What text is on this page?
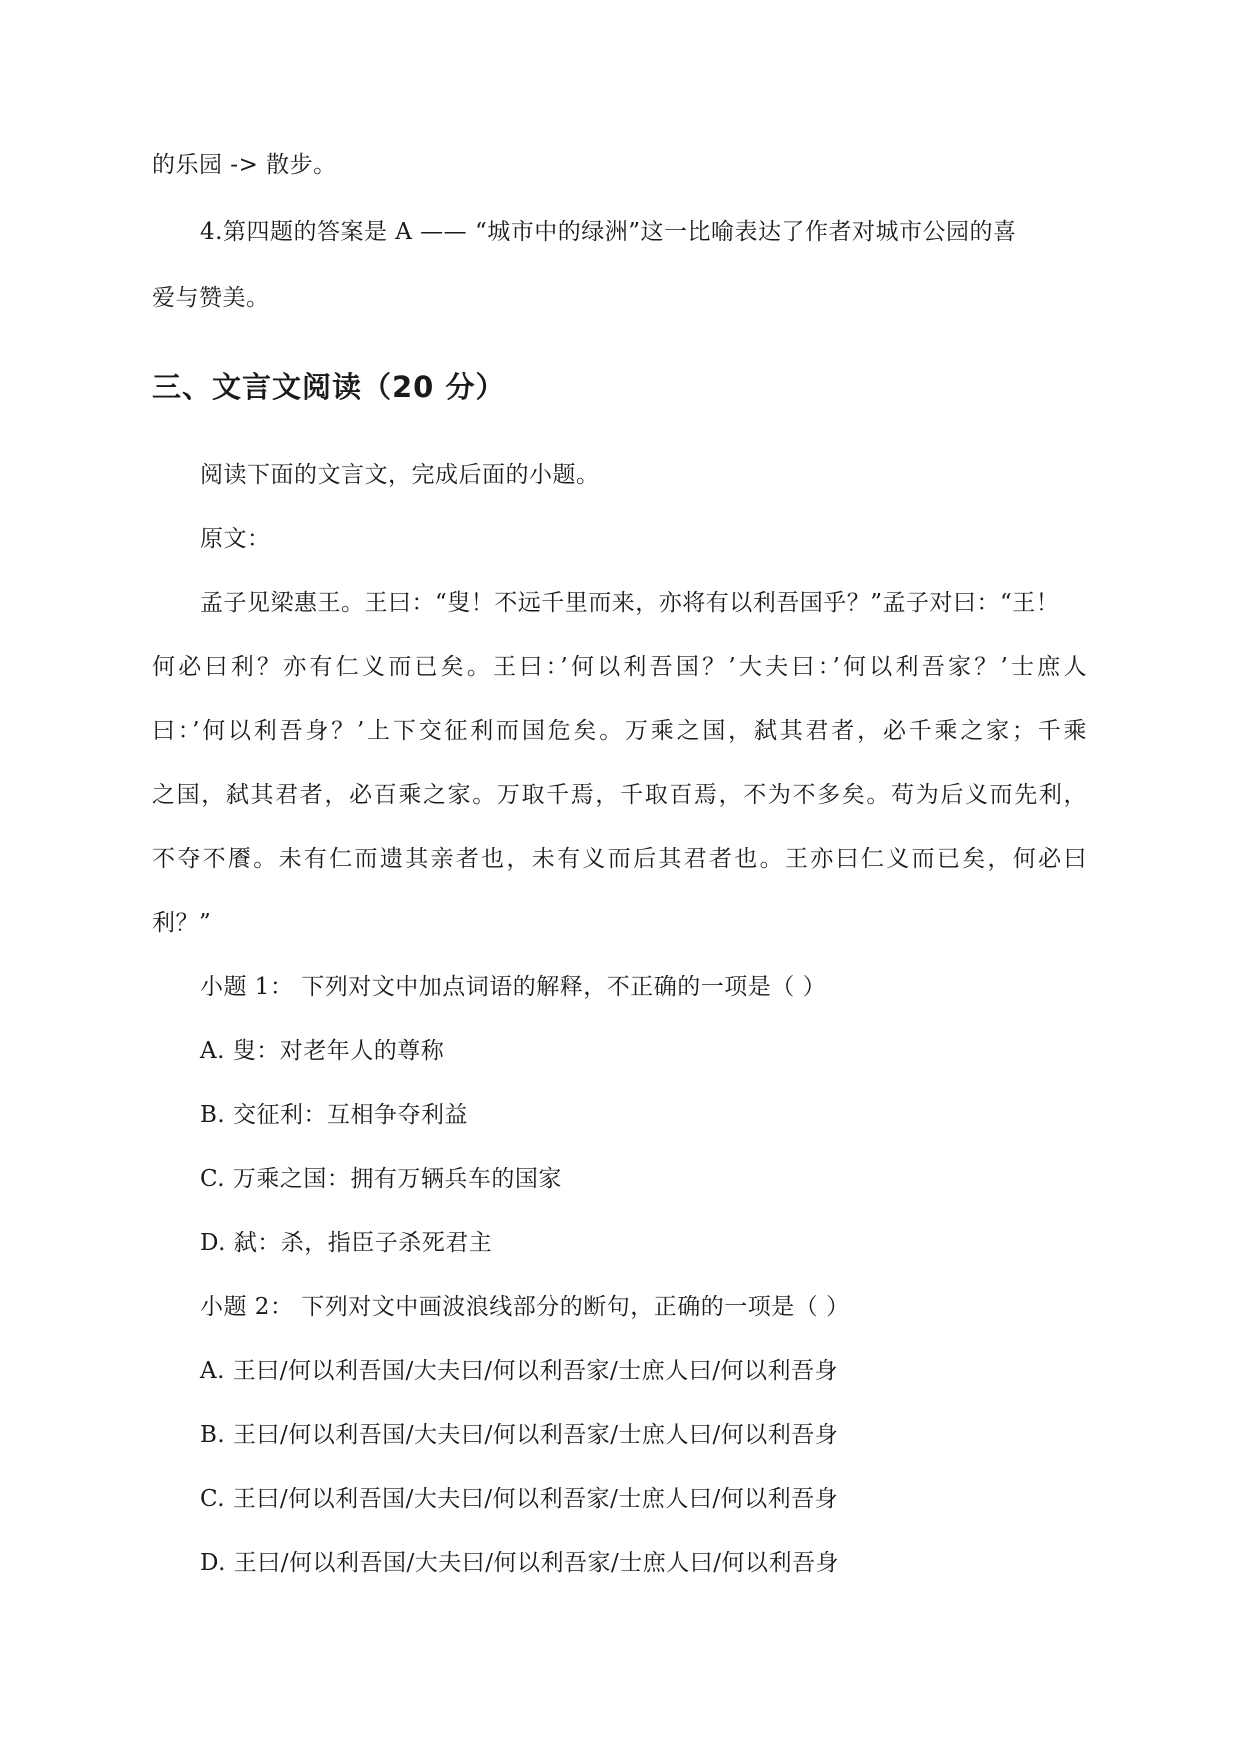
的乐园 -> 散步。
4.第四题的答案是 A —— “城市中的绿洲”这一比喻表达了作者对城市公园的喜
爱与赞美。
三、文言文阅读（20 分）
阅读下面的文言文，完成后面的小题。
原文：
孟子见梁惠王。王曰：“叟！不远千里而来，亦将有以利吾国乎？”孟子对曰：“王！
何必曰利？亦有仁义而已矣。王曰：’何以利吾国？’大夫曰：’何以利吾家？’士庶人
曰：’何以利吾身？’上下交征利而国危矣。万乘之国，弑其君者，必千乘之家；千乘
之国，弑其君者，必百乘之家。万取千焉，千取百焉，不为不多矣。苟为后义而先利，
不夺不餍。未有仁而遗其亲者也，未有义而后其君者也。王亦曰仁义而已矣，何必曰
利？”
小题 1： 下列对文中加点词语的解释，不正确的一项是（ ）
A. 叟：对老年人的尊称
B. 交征利：互相争夺利益
C. 万乘之国：拥有万辆兵车的国家
D. 弑：杀，指臣子杀死君主
小题 2： 下列对文中画波浪线部分的断句，正确的一项是（ ）
A. 王曰/何以利吾国/大夫曰/何以利吾家/士庶人曰/何以利吾身
B. 王曰/何以利吾国/大夫曰/何以利吾家/士庶人曰/何以利吾身
C. 王曰/何以利吾国/大夫曰/何以利吾家/士庶人曰/何以利吾身
D. 王曰/何以利吾国/大夫曰/何以利吾家/士庶人曰/何以利吾身
